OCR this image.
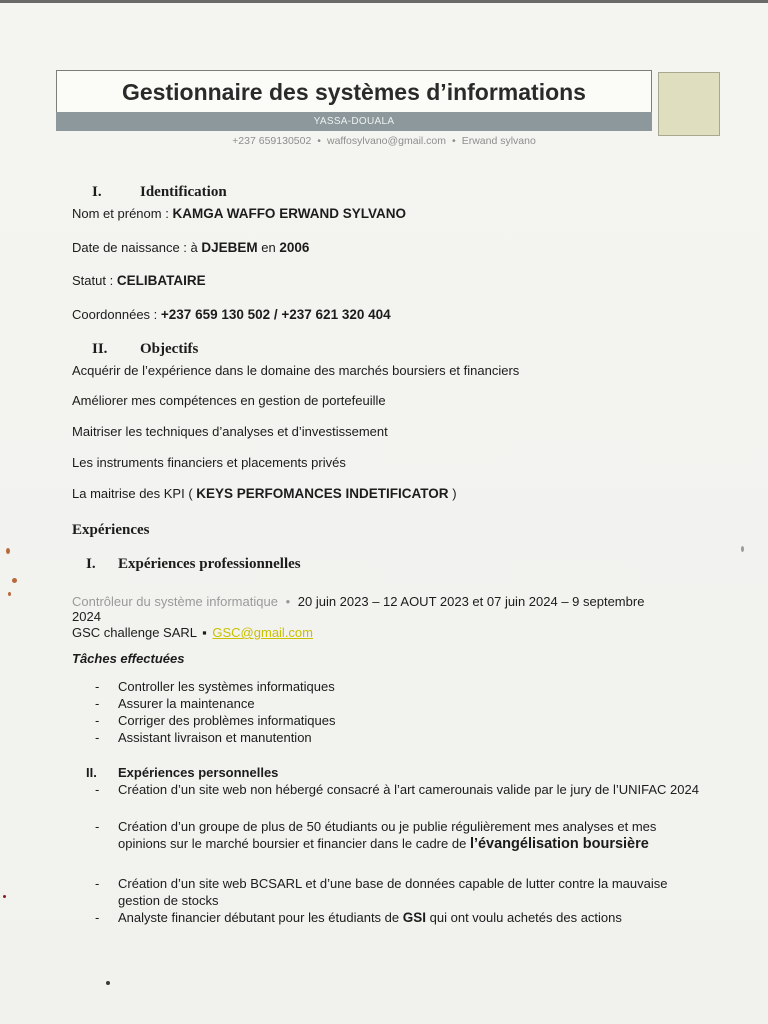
Gestionnaire des systèmes d’informations
YASSA-DOUALA
+237 659130502 • waffosylvano@gmail.com • Erwand sylvano
I.	Identification
Nom et prénom : KAMGA WAFFO ERWAND SYLVANO
Date de naissance : à DJEBEM en 2006
Statut : CELIBATAIRE
Coordonnées : +237 659 130 502 / +237 621 320 404
II. Objectifs
Acquérir de l’expérience dans le domaine des marchés boursiers et financiers
Améliorer mes compétences en gestion de portefeuille
Maitriser les techniques d’analyses et d’investissement
Les instruments financiers et placements privés
La maitrise des KPI ( KEYS PERFOMANCES INDETIFICATOR )
Expériences
I. Expériences professionnelles
Contrôleur du système informatique • 20 juin 2023 – 12 AOUT 2023 et 07 juin 2024 – 9 septembre
2024
GSC challenge SARL ▪ GSC@gmail.com
Tâches effectuées
- Controller les systèmes informatiques
- Assurer la maintenance
- Corriger des problèmes informatiques
- Assistant livraison et manutention
II. Expériences personnelles
- Création d’un site web non hébergé consacré à l’art camerounais valide par le jury de l’UNIFAC 2024
- Création d’un groupe de plus de 50 étudiants ou je publie régulièrement mes analyses et mes opinions sur le marché boursier et financier dans le cadre de l’évangélisation boursière
- Création d’un site web BCSARL et d’une base de données capable de lutter contre la mauvaise gestion de stocks
- Analyste financier débutant pour les étudiants de GSI qui ont voulu achetés des actions
